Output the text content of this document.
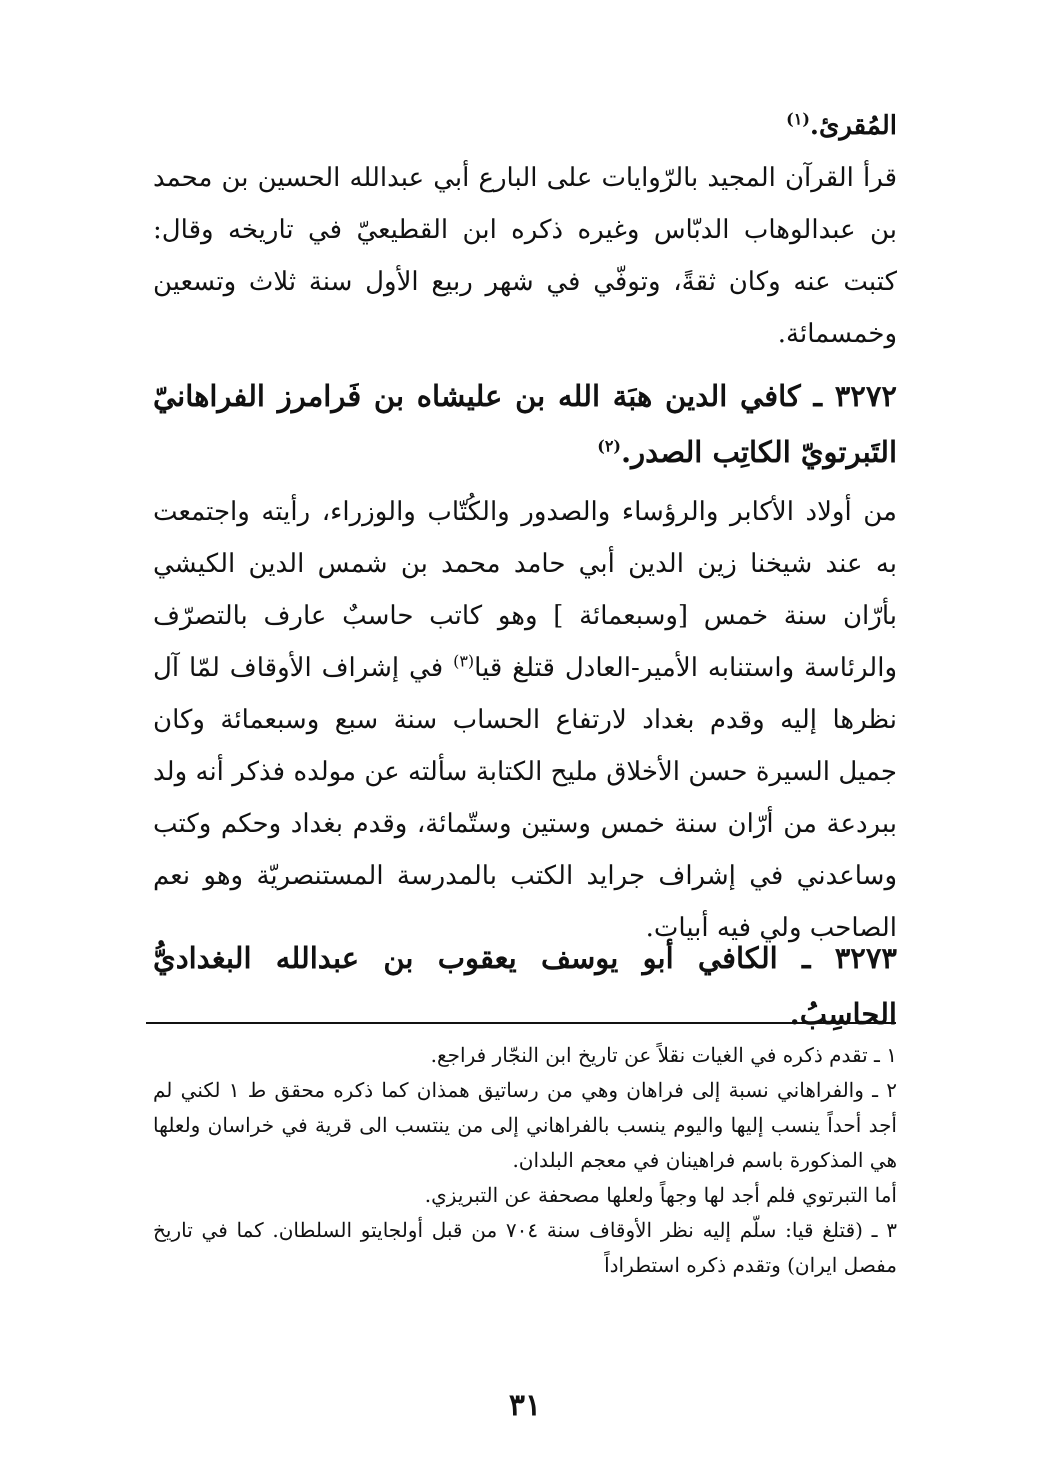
المُقرئ.$^{(١)}$

قرأ القرآن المجيد بالرّوايات على البارع أبي عبدالله الحسين بن محمد بن عبدالوهاب الدبّاس وغيره ذكره ابن القطيعيّ في تاريخه وقال: كتبت عنه وكان ثقةً، وتوفّي في شهر ربيع الأول سنة ثلاث وتسعين وخمسمائة.

٣٢٧٢ ـ كافي الدين هبَة الله بن عليشاه بن فَرامرز الفراهانيّ التَبرتويّ الكاتِب الصدر.$^{(٢)}$

من أولاد الأكابر والرؤساء والصدور والكُتّاب والوزراء، رأيته واجتمعت به عند شيخنا زين الدين أبي حامد محمد بن شمس الدين الكيشي بأرّان سنة خمس [وسبعمائة ] وهو كاتب حاسبٌ عارف بالتصرّف والرئاسة واستنابه الأمير-العادل قتلغ قيا$^{(٣)}$ في إشراف الأوقاف لمّا آل نظرها إليه وقدم بغداد لارتفاع الحساب سنة سبع وسبعمائة وكان جميل السيرة حسن الأخلاق مليح الكتابة سألته عن مولده فذكر أنه ولد ببردعة من أرّان سنة خمس وستين وستّمائة، وقدم بغداد وحكم وكتب وساعدني في إشراف جرايد الكتب بالمدرسة المستنصريّة وهو نعم الصاحب ولي فيه أبيات.

٣٢٧٣ ـ الكافي أبو يوسف يعقوب بن عبدالله البغداديُّ الحاسِبُ.

١ ـ تقدم ذكره في الغيات نقلاً عن تاريخ ابن النجّار فراجع.

٢ ـ والفراهاني نسبة إلى فراهان وهي من رساتيق همذان كما ذكره محقق ط ١ لكني لم أجد أحداً ينسب إليها واليوم ينسب بالفراهاني إلى من ينتسب الى قرية في خراسان ولعلها هي المذكورة باسم فراهينان في معجم البلدان.

أما التبرتوي فلم أجد لها وجهاً ولعلها مصحفة عن التبريزي.

٣ ـ (قتلغ قيا: سلّم إليه نظر الأوقاف سنة ٧٠٤ من قبل أولجايتو السلطان. كما في تاريخ مفصل ايران) وتقدم ذكره استطراداً

٣١
